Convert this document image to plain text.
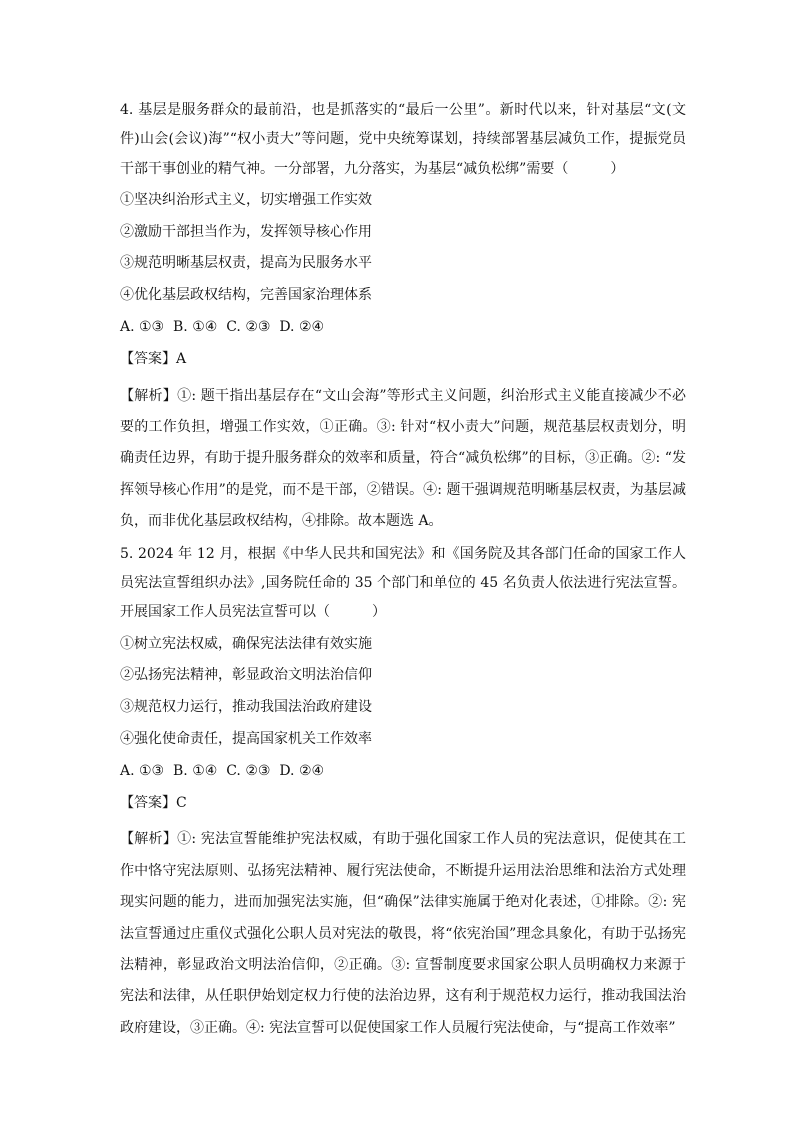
4. 基层是服务群众的最前沿，也是抓落实的“最后一公里”。新时代以来，针对基层“文(文件)山会(会议)海”“权小责大”等问题，党中央统筹谋划，持续部署基层减负工作，提振党员干部干事创业的精气神。一分部署，九分落实，为基层“减负松绑”需要（	）

①坚决纠治形式主义，切实增强工作实效

②激励干部担当作为，发挥领导核心作用

③规范明晰基层权责，提高为民服务水平

④优化基层政权结构，完善国家治理体系

A. ①③  B. ①④  C. ②③  D. ②④

【答案】A

【解析】①: 题干指出基层存在“文山会海”等形式主义问题，纠治形式主义能直接减少不必要的工作负担，增强工作实效，①正确。③: 针对“权小责大”问题，规范基层权责划分，明确责任边界，有助于提升服务群众的效率和质量，符合“减负松绑”的目标，③正确。②: “发挥领导核心作用”的是党，而不是干部，②错误。④: 题干强调规范明晰基层权责，为基层减负，而非优化基层政权结构，④排除。故本题选 A。

5. 2024 年 12 月，根据《中华人民共和国宪法》和《国务院及其各部门任命的国家工作人员宪法宣誓组织办法》,国务院任命的 35 个部门和单位的 45 名负责人依法进行宪法宣誓。开展国家工作人员宪法宣誓可以（	）

①树立宪法权威，确保宪法法律有效实施

②弘扬宪法精神，彰显政治文明法治信仰

③规范权力运行，推动我国法治政府建设

④强化使命责任，提高国家机关工作效率

A. ①③  B. ①④  C. ②③  D. ②④

【答案】C

【解析】①: 宪法宣誓能维护宪法权威，有助于强化国家工作人员的宪法意识，促使其在工作中恪守宪法原则、弘扬宪法精神、履行宪法使命，不断提升运用法治思维和法治方式处理现实问题的能力，进而加强宪法实施，但“确保”法律实施属于绝对化表述，①排除。②: 宪法宣誓通过庄重仪式强化公职人员对宪法的敬畏，将“依宪治国”理念具象化，有助于弘扬宪法精神，彰显政治文明法治信仰，②正确。③: 宣誓制度要求国家公职人员明确权力来源于宪法和法律，从任职伊始划定权力行使的法治边界，这有利于规范权力运行，推动我国法治政府建设，③正确。④: 宪法宣誓可以促使国家工作人员履行宪法使命，与“提高工作效率”
